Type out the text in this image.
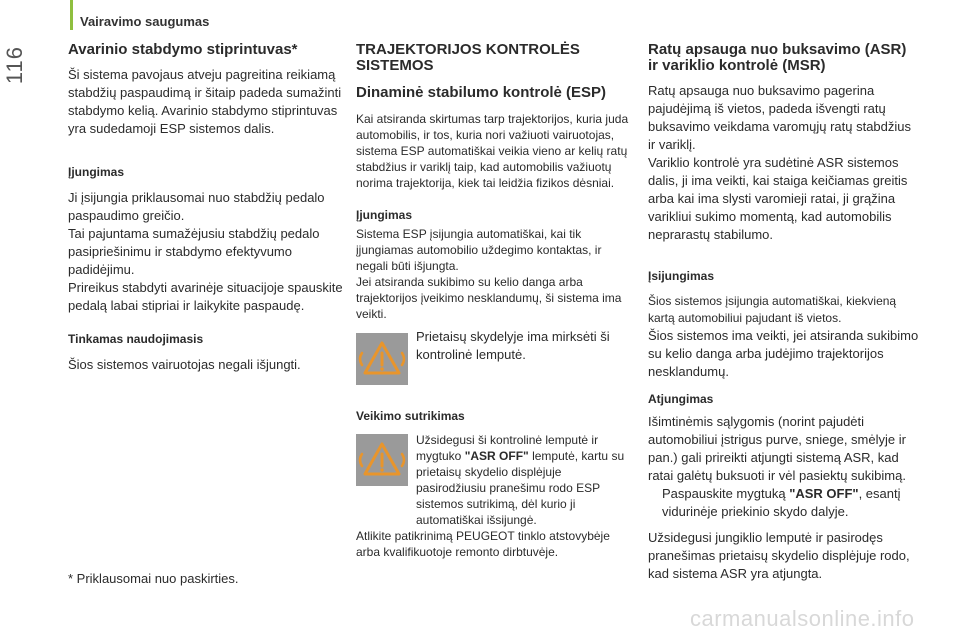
Vairavimo saugumas
116	Avarinio stabdymo stiprintuvas*

Ši sistema pavojaus atveju pagreitina reikiamą stabdžių paspaudimą ir šitaip padeda sumažinti stabdymo kelią. Avarinio stabdymo stiprintuvas yra sudedamoji ESP sistemos dalis.

Įjungimas

Ji įsijungia priklausomai nuo stabdžių pedalo paspaudimo greičio.

Tai pajuntama sumažėjusiu stabdžių pedalo pasipriešinimu ir stabdymo efektyvumo padidėjimu.

Prireikus stabdyti avarinėje situacijoje spauskite pedalą labai stipriai ir laikykite paspaudę.

Tinkamas naudojimasis

Šios sistemos vairuotojas negali išjungti.

* Priklausomai nuo paskirties.
TRAJEKTORIJOS KONTROLĖS SISTEMOS
Dinaminė stabilumo kontrolė (ESP)

Kai atsiranda skirtumas tarp trajektorijos, kuria juda automobilis, ir tos, kuria nori važiuoti vairuotojas, sistema ESP automatiškai veikia vieno ar kelių ratų stabdžius ir variklį taip, kad automobilis važiuotų norima trajektorija, kiek tai leidžia fizikos dėsniai.

Įjungimas

Sistema ESP įsijungia automatiškai, kai tik įjungiamas automobilio uždegimo kontaktas, ir negali būti išjungta.

Jei atsiranda sukibimo su kelio danga arba trajektorijos įveikimo nesklandumų, ši sistema ima veikti.

Prietaisų skydelyje ima mirksėti ši kontrolinė lemputė.

Veikimo sutrikimas

Užsidegusi ši kontrolinė lemputė ir mygtuko "ASR OFF" lemputė, kartu su prietaisų skydelio displėjuje pasirodžiusiu pranešimu rodo ESP sistemos sutrikimą, dėl kurio ji automatiškai išsijungė.

Atlikite patikrinimą PEUGEOT tinklo atstovybėje arba kvalifikuotoje remonto dirbtuvėje.

Ratų apsauga nuo buksavimo (ASR) ir variklio kontrolė (MSR)

Ratų apsauga nuo buksavimo pagerina pajudėjimą iš vietos, padeda išvengti ratų buksavimo veikdama varomųjų ratų stabdžius ir variklį.

Variklio kontrolė yra sudėtinė ASR sistemos dalis, ji ima veikti, kai staiga keičiamas greitis arba kai ima slysti varomieji ratai, ji grąžina varikliui sukimo momentą, kad automobilis neprarastų stabilumo.

Įsijungimas

Šios sistemos įsijungia automatiškai, kiekvieną kartą automobiliui pajudant iš vietos.

Šios sistemos ima veikti, jei atsiranda sukibimo su kelio danga arba judėjimo trajektorijos nesklandumų.

Atjungimas

Išimtinėmis sąlygomis (norint pajudėti automobiliui įstrigus purve, sniege, smėlyje ir pan.) gali prireikti atjungti sistemą ASR, kad ratai galėtų buksuoti ir vėl pasiektų sukibimą.

Paspauskite mygtuką "ASR OFF", esantį vidurinėje priekinio skydo dalyje.

Užsidegusi jungiklio lemputė ir pasirodęs pranešimas prietaisų skydelio displėjuje rodo, kad sistema ASR yra atjungta.

carmanualsonline.info
